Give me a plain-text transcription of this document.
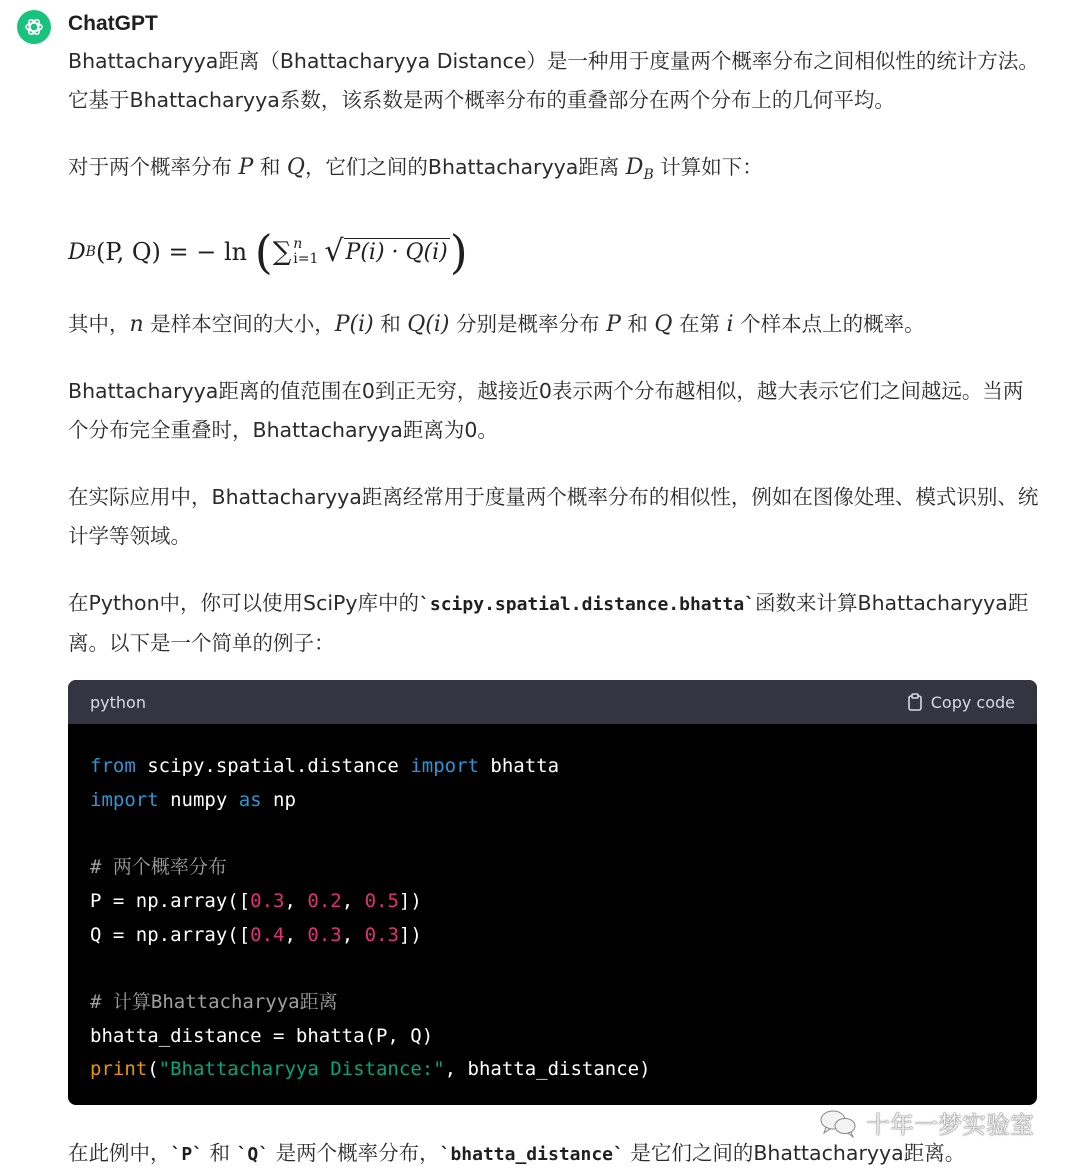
ChatGPT

Bhattacharyya距离（Bhattacharyya Distance）是一种用于度量两个概率分布之间相似性的统计方法。它基于Bhattacharyya系数，该系数是两个概率分布的重叠部分在两个分布上的几何平均。

对于两个概率分布 P 和 Q，它们之间的Bhattacharyya距离 $D_B$ 计算如下：

D B (P, Q) = − ln ( ∑ n
i=1 √ P(i) · Q(i) )

其中，n 是样本空间的大小，P(i) 和 Q(i) 分别是概率分布 P 和 Q 在第 i 个样本点上的概率。

Bhattacharyya距离的值范围在0到正无穷，越接近0表示两个分布越相似，越大表示它们之间越远。当两个分布完全重叠时，Bhattacharyya距离为0。

在实际应用中，Bhattacharyya距离经常用于度量两个概率分布的相似性，例如在图像处理、模式识别、统计学等领域。

在Python中，你可以使用SciPy库中的`scipy.spatial.distance.bhatta`函数来计算Bhattacharyya距离。以下是一个简单的例子：

python	Copy code
from scipy.spatial.distance import bhatta
import numpy as np

# 两个概率分布
P = np.array([0.3, 0.2, 0.5])
Q = np.array([0.4, 0.3, 0.3])

# 计算Bhattacharyya距离
bhatta_distance = bhatta(P, Q)
print("Bhattacharyya Distance:", bhatta_distance)
十年一梦实验室
在此例中，`P` 和 `Q` 是两个概率分布，`bhatta_distance` 是它们之间的Bhattacharyya距离。
